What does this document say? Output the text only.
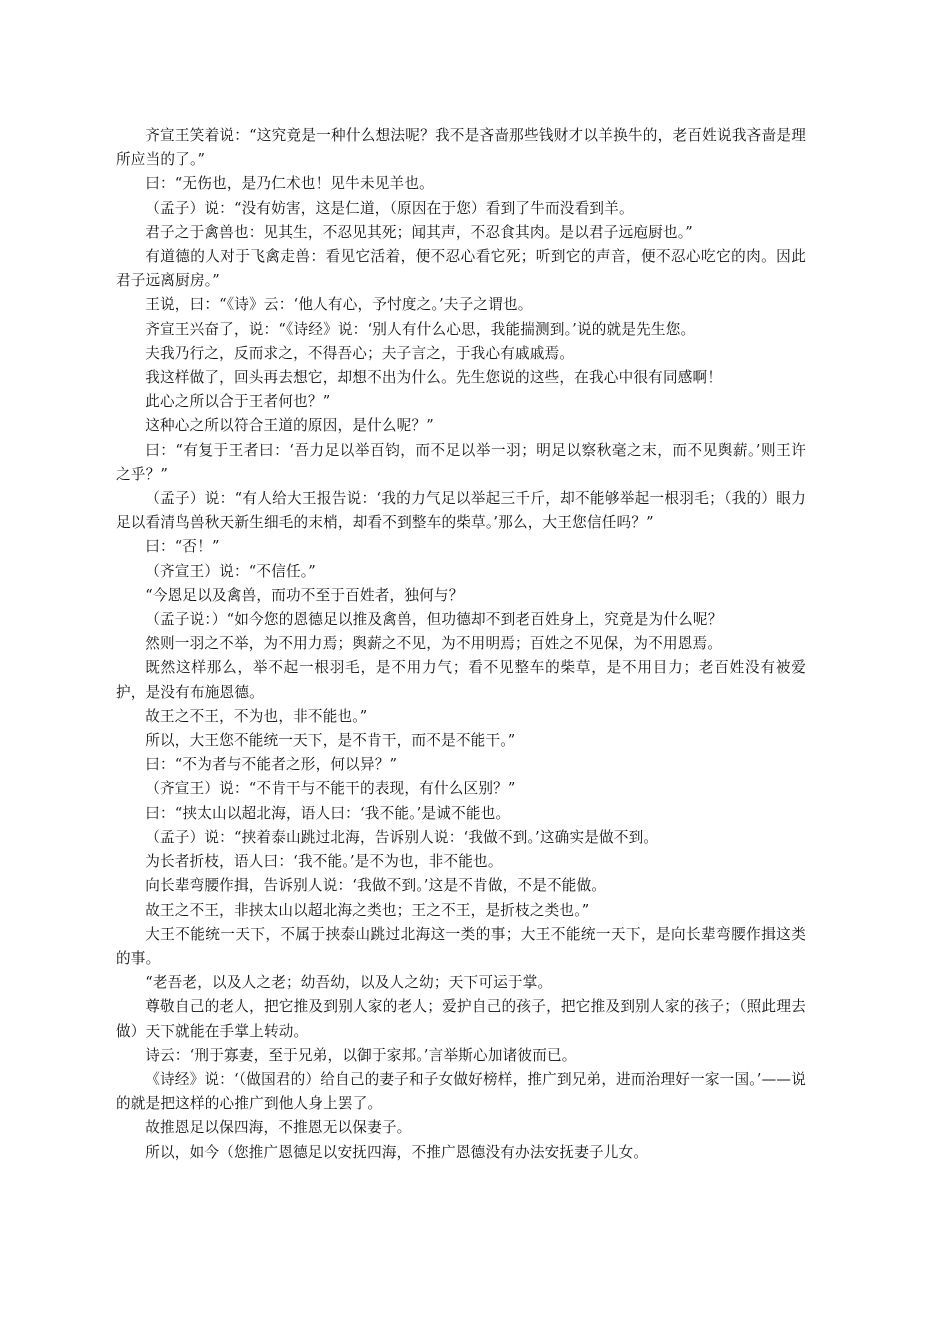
齐宣王笑着说：“这究竟是一种什么想法呢？我不是吝啬那些钱财才以羊换牛的，老百姓说我吝啬是理所应当的了。”

曰：“无伤也，是乃仁术也！见牛未见羊也。

（孟子）说：“没有妨害，这是仁道，（原因在于您）看到了牛而没看到羊。

君子之于禽兽也：见其生，不忍见其死；闻其声，不忍食其肉。是以君子远庖厨也。”

有道德的人对于飞禽走兽：看见它活着，便不忍心看它死；听到它的声音，便不忍心吃它的肉。因此君子远离厨房。”

王说，曰：“《诗》云：‘他人有心，予忖度之。’夫子之谓也。

齐宣王兴奋了，说：“《诗经》说：‘别人有什么心思，我能揣测到。’说的就是先生您。

夫我乃行之，反而求之，不得吾心；夫子言之，于我心有戚戚焉。

我这样做了，回头再去想它，却想不出为什么。先生您说的这些，在我心中很有同感啊！

此心之所以合于王者何也？”

这种心之所以符合王道的原因，是什么呢？”

曰：“有复于王者曰：‘吾力足以举百钧，而不足以举一羽；明足以察秋毫之末，而不见舆薪。’则王许之乎？”

（孟子）说：“有人给大王报告说：‘我的力气足以举起三千斤，却不能够举起一根羽毛；（我的）眼力足以看清鸟兽秋天新生细毛的末梢，却看不到整车的柴草。’那么，大王您信任吗？”

曰：“否！”

（齐宣王）说：“不信任。”

“今恩足以及禽兽，而功不至于百姓者，独何与？

（孟子说：）“如今您的恩德足以推及禽兽，但功德却不到老百姓身上，究竟是为什么呢？

然则一羽之不举，为不用力焉；舆薪之不见，为不用明焉；百姓之不见保，为不用恩焉。

既然这样那么，举不起一根羽毛，是不用力气；看不见整车的柴草，是不用目力；老百姓没有被爱护，是没有布施恩德。

故王之不王，不为也，非不能也。”

所以，大王您不能统一天下，是不肯干，而不是不能干。”

曰：“不为者与不能者之形，何以异？”

（齐宣王）说：“不肯干与不能干的表现，有什么区别？”

曰：“挟太山以超北海，语人曰：‘我不能。’是诚不能也。

（孟子）说：“挟着泰山跳过北海，告诉别人说：‘我做不到。’这确实是做不到。

为长者折枝，语人曰：‘我不能。’是不为也，非不能也。

向长辈弯腰作揖，告诉别人说：‘我做不到。’这是不肯做，不是不能做。

故王之不王，非挟太山以超北海之类也；王之不王，是折枝之类也。”

大王不能统一天下，不属于挟泰山跳过北海这一类的事；大王不能统一天下，是向长辈弯腰作揖这类的事。

“老吾老，以及人之老；幼吾幼，以及人之幼；天下可运于掌。

尊敬自己的老人，把它推及到别人家的老人；爱护自己的孩子，把它推及到别人家的孩子；（照此理去做）天下就能在手掌上转动。

诗云：‘刑于寡妻，至于兄弟，以御于家邦。’言举斯心加诸彼而已。

《诗经》说：‘（做国君的）给自己的妻子和子女做好榜样，推广到兄弟，进而治理好一家一国。’——说的就是把这样的心推广到他人身上罢了。

故推恩足以保四海，不推恩无以保妻子。

所以，如今（您推广恩德足以安抚四海，不推广恩德没有办法安抚妻子儿女。
